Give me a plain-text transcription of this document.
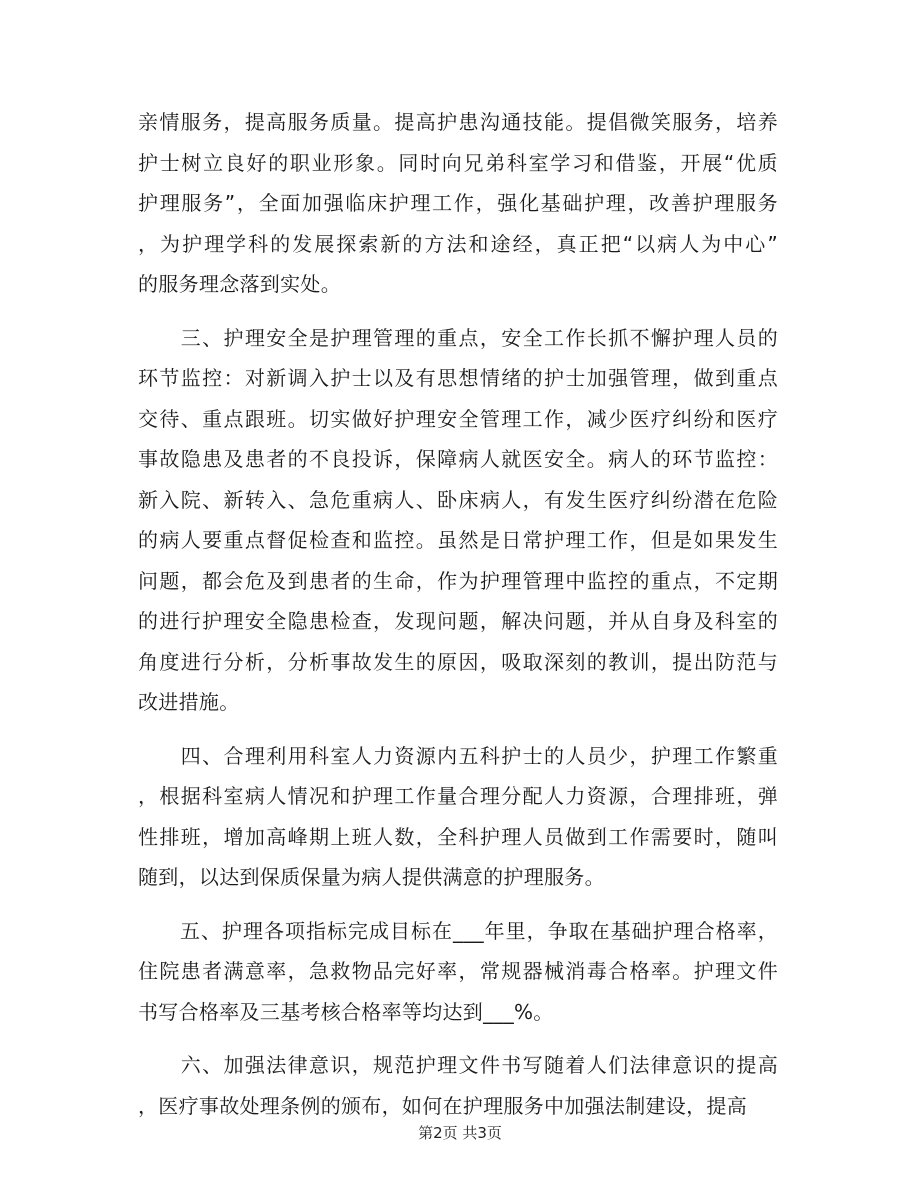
亲情服务，提高服务质量。提高护患沟通技能。提倡微笑服务，培养
护士树立良好的职业形象。同时向兄弟科室学习和借鉴，开展“优质
护理服务”，全面加强临床护理工作，强化基础护理，改善护理服务
，为护理学科的发展探索新的方法和途经，真正把“以病人为中心”
的服务理念落到实处。
　　三、护理安全是护理管理的重点，安全工作长抓不懈护理人员的
环节监控：对新调入护士以及有思想情绪的护士加强管理，做到重点
交待、重点跟班。切实做好护理安全管理工作，减少医疗纠纷和医疗
事故隐患及患者的不良投诉，保障病人就医安全。病人的环节监控：
新入院、新转入、急危重病人、卧床病人，有发生医疗纠纷潜在危险
的病人要重点督促检查和监控。虽然是日常护理工作，但是如果发生
问题，都会危及到患者的生命，作为护理管理中监控的重点，不定期
的进行护理安全隐患检查，发现问题，解决问题，并从自身及科室的
角度进行分析，分析事故发生的原因，吸取深刻的教训，提出防范与
改进措施。
　　四、合理利用科室人力资源内五科护士的人员少，护理工作繁重
，根据科室病人情况和护理工作量合理分配人力资源，合理排班，弹
性排班，增加高峰期上班人数，全科护理人员做到工作需要时，随叫
随到，以达到保质保量为病人提供满意的护理服务。
　　五、护理各项指标完成目标在___年里，争取在基础护理合格率，
住院患者满意率，急救物品完好率，常规器械消毒合格率。护理文件
书写合格率及三基考核合格率等均达到___%。
　　六、加强法律意识，规范护理文件书写随着人们法律意识的提高
，医疗事故处理条例的颁布，如何在护理服务中加强法制建设，提高
第2页 共3页
